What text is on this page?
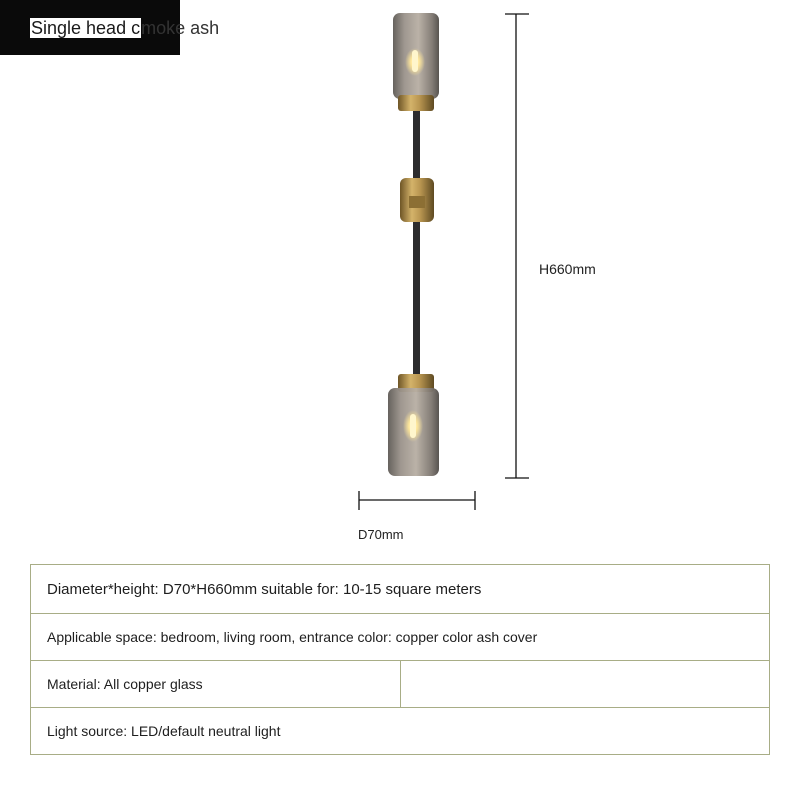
Single head cmoke ash
H660mm
D70mm
Diameter*height: D70*H660mm suitable for: 10-15 square meters
Applicable space: bedroom, living room, entrance color: copper color ash cover
Material: All copper glass	
Light source: LED/default neutral light
